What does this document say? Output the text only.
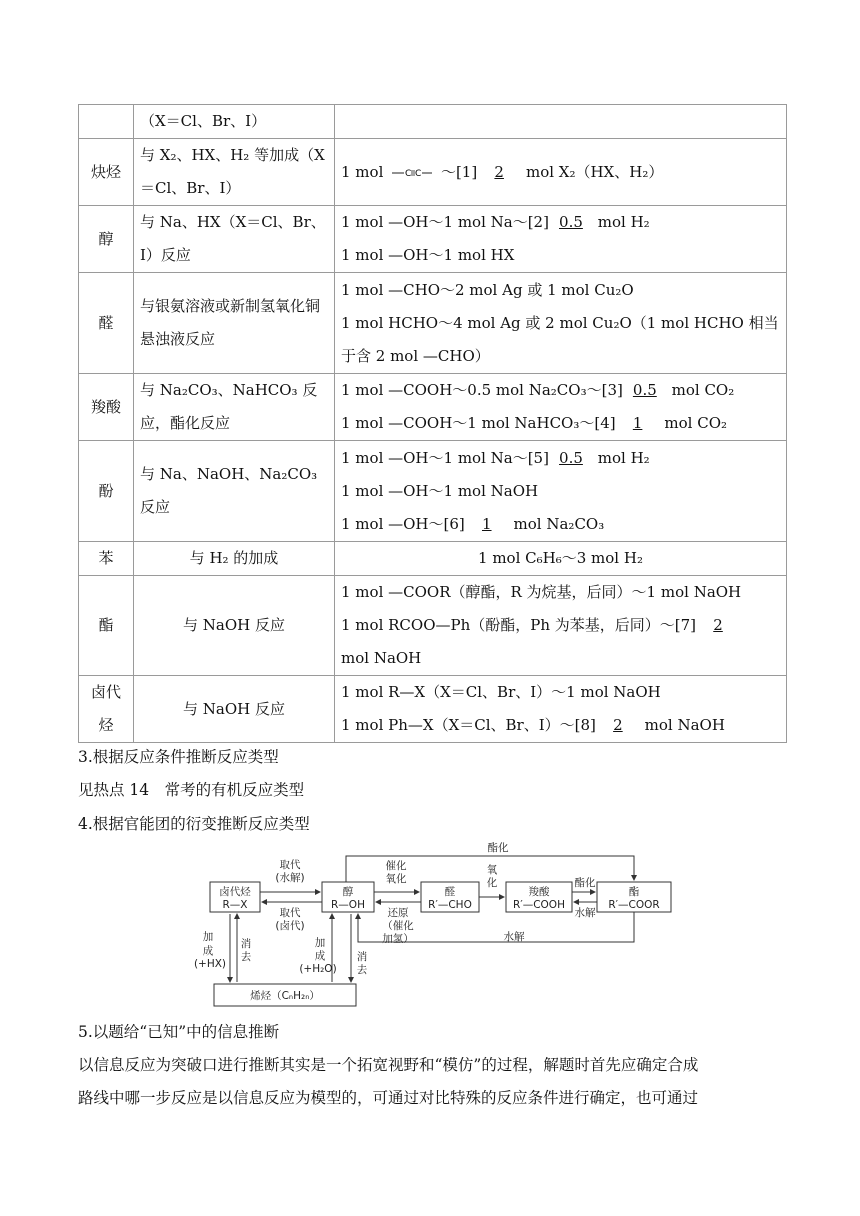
	（X＝Cl、Br、I）	
炔烃	与 X₂、HX、H₂ 等加成（X＝Cl、Br、I）	1 mol C C ～[1] 2 mol X₂（HX、H₂）
醇	与 Na、HX（X＝Cl、Br、I）反应	1 mol —OH～1 mol Na～[2] 0.5 mol H₂
1 mol —OH～1 mol HX

醛	与银氨溶液或新制氢氧化铜悬浊液反应	1 mol —CHO～2 mol Ag 或 1 mol Cu₂O
1 mol HCHO～4 mol Ag 或 2 mol Cu₂O（1 mol HCHO 相当
于含 2 mol —CHO）

羧酸	与 Na₂CO₃、NaHCO₃ 反应，酯化反应	1 mol —COOH～0.5 mol Na₂CO₃～[3] 0.5 mol CO₂
1 mol —COOH～1 mol NaHCO₃～[4] 1 mol CO₂

酚	与 Na、NaOH、Na₂CO₃ 反应	1 mol —OH～1 mol Na～[5] 0.5 mol H₂
1 mol —OH～1 mol NaOH
1 mol —OH～[6] 1 mol Na₂CO₃

苯	与 H₂ 的加成	1 mol C₆H₆～3 mol H₂
酯	与 NaOH 反应	1 mol —COOR（醇酯，R 为烷基，后同）～1 mol NaOH
1 mol RCOO—Ph（酚酯，Ph 为苯基，后同）～[7] 2
mol NaOH

卤代烃	与 NaOH 反应	1 mol R—X（X＝Cl、Br、I）～1 mol NaOH
1 mol Ph—X（X＝Cl、Br、I）～[8] 2 mol NaOH
3.根据反应条件推断反应类型
见热点 14　常考的有机反应类型
4.根据官能团的衍变推断反应类型
卤代烃
R—X
醇
R—OH
醛
R′—CHO
羧酸
R′—COOH
酯
R′—COOR
烯烃（CₙH₂ₙ）
取代
(水解)
取代
(卤代)
催化
氧化
还原
（催化
加氢）
氧
化
酯化
酯化
水解
水解
加
成
(+HX)
消
去
加
成
(+H₂O)
消
去
5.以题给“已知”中的信息推断
以信息反应为突破口进行推断其实是一个拓宽视野和“模仿”的过程，解题时首先应确定合成
路线中哪一步反应是以信息反应为模型的，可通过对比特殊的反应条件进行确定，也可通过
